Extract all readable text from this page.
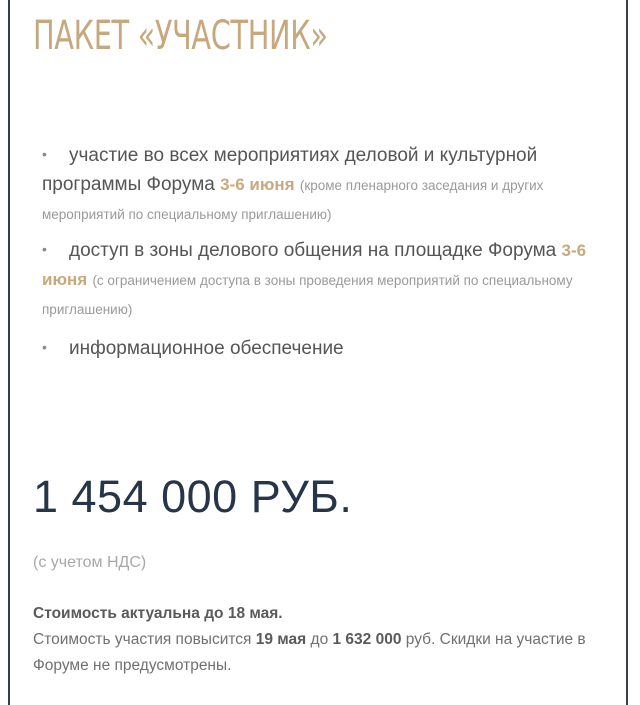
ПАКЕТ «УЧАСТНИК»
• участие во всех мероприятиях деловой и культурной программы Форума 3-6 июня (кроме пленарного заседания и других мероприятий по специальному приглашению)
• доступ в зоны делового общения на площадке Форума 3-6 июня (с ограничением доступа в зоны проведения мероприятий по специальному приглашению)
• информационное обеспечение
1 454 000 РУБ.
(с учетом НДС)
Стоимость актуальна до 18 мая.
Стоимость участия повысится 19 мая до 1 632 000 руб. Скидки на участие в Форуме не предусмотрены.
